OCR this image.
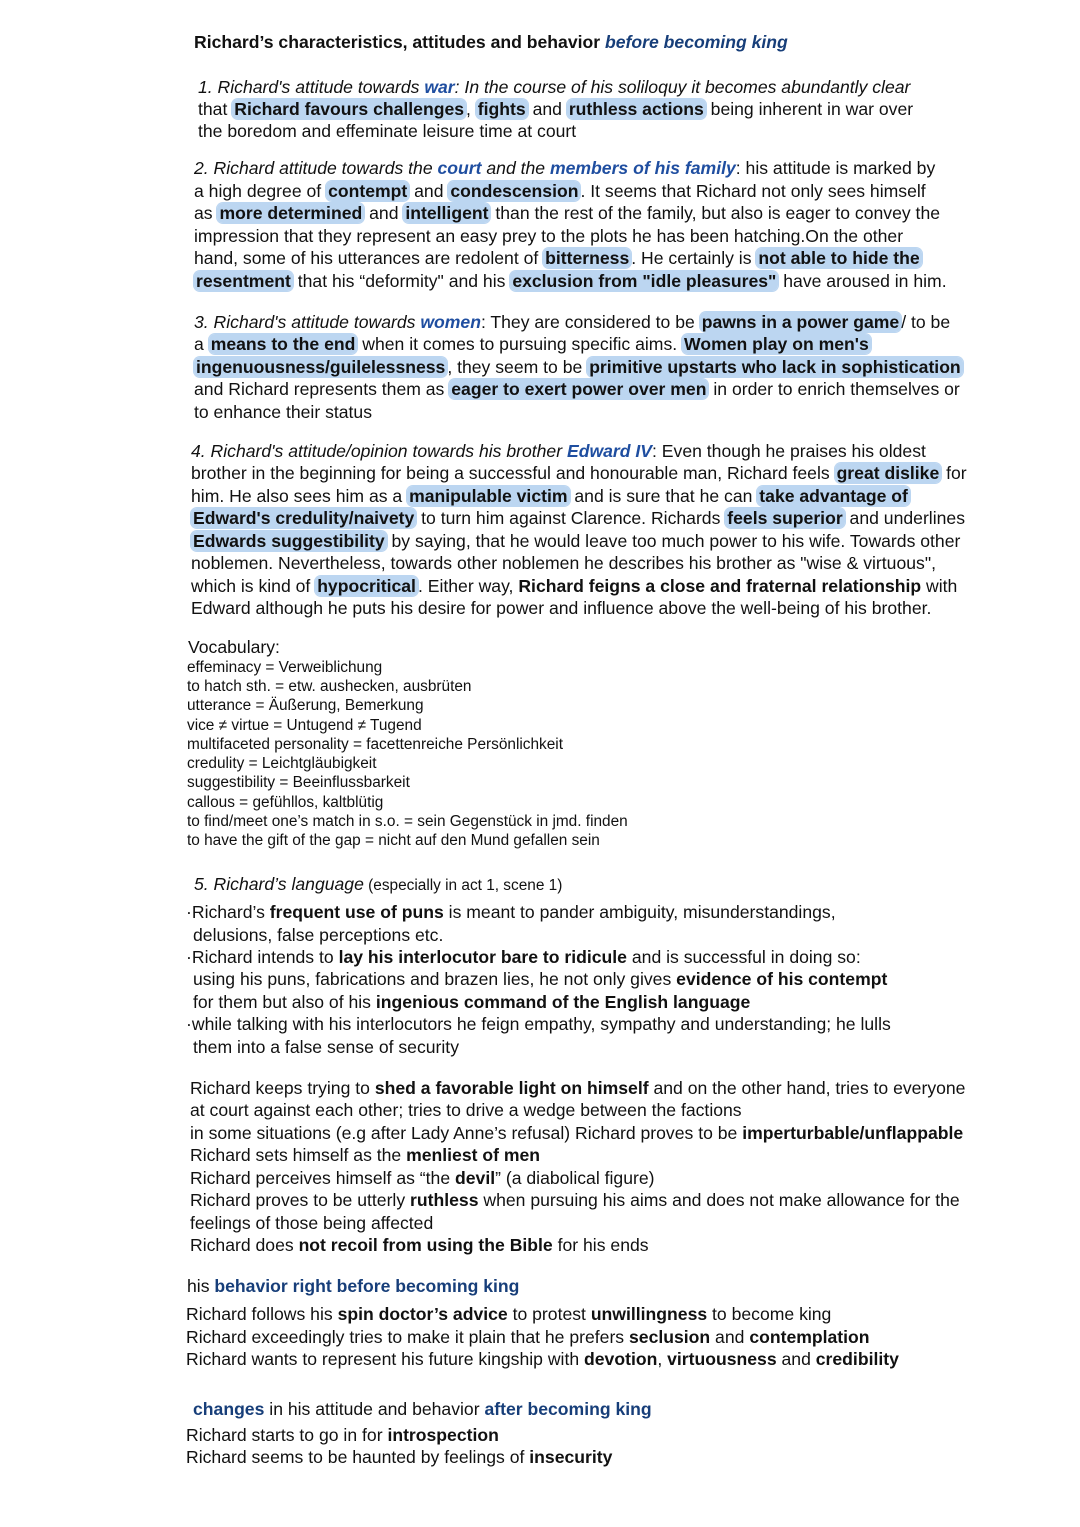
Richard’s characteristics, attitudes and behavior before becoming king
1. Richard's attitude towards war: In the course of his soliloquy it becomes abundantly clear
that Richard favours challenges , fights and ruthless actions being inherent in war over
the boredom and effeminate leisure time at court
2. Richard attitude towards the court and the members of his family: his attitude is marked by
a high degree of contempt and condescension . It seems that Richard not only sees himself
as more determined and intelligent than the rest of the family, but also is eager to convey the
impression that they represent an easy prey to the plots he has been hatching.On the other
hand, some of his utterances are redolent of bitterness . He certainly is not able to hide the
resentment that his “deformity" and his exclusion from "idle pleasures" have aroused in him.
3. Richard's attitude towards women: They are considered to be pawns in a power game / to be
a means to the end when it comes to pursuing specific aims. Women play on men's
ingenuousness/guilelessness , they seem to be primitive upstarts who lack in sophistication
and Richard represents them as eager to exert power over men in order to enrich themselves or
to enhance their status
4. Richard's attitude/opinion towards his brother Edward IV: Even though he praises his oldest
brother in the beginning for being a successful and honourable man, Richard feels great dislike for
him. He also sees him as a manipulable victim and is sure that he can take advantage of
Edward's credulity/naivety to turn him against Clarence. Richards feels superior and underlines
Edwards suggestibility by saying, that he would leave too much power to his wife. Towards other
noblemen. Nevertheless, towards other noblemen he describes his brother as "wise & virtuous",
which is kind of hypocritical . Either way, Richard feigns a close and fraternal relationship with
Edward although he puts his desire for power and influence above the well-being of his brother.
Vocabulary:
effeminacy = Verweiblichung
to hatch sth. = etw. aushecken, ausbrüten
utterance = Äußerung, Bemerkung
vice ≠ virtue = Untugend ≠ Tugend
multifaceted personality = facettenreiche Persönlichkeit
credulity = Leichtgläubigkeit
suggestibility = Beeinflussbarkeit
callous = gefühllos, kaltblütig
to find/meet one’s match in s.o. = sein Gegenstück in jmd. finden
to have the gift of the gap = nicht auf den Mund gefallen sein
5. Richard’s language (especially in act 1, scene 1)
·Richard’s frequent use of puns is meant to pander ambiguity, misunderstandings,
delusions, false perceptions etc.
·Richard intends to lay his interlocutor bare to ridicule and is successful in doing so:
using his puns, fabrications and brazen lies, he not only gives evidence of his contempt
for them but also of his ingenious command of the English language
·while talking with his interlocutors he feign empathy, sympathy and understanding; he lulls
them into a false sense of security
Richard keeps trying to shed a favorable light on himself and on the other hand, tries to everyone
at court against each other; tries to drive a wedge between the factions
in some situations (e.g after Lady Anne’s refusal) Richard proves to be imperturbable/unflappable
Richard sets himself as the menliest of men
Richard perceives himself as “the devil” (a diabolical figure)
Richard proves to be utterly ruthless when pursuing his aims and does not make allowance for the
feelings of those being affected
Richard does not recoil from using the Bible for his ends
his behavior right before becoming king
Richard follows his spin doctor’s advice to protest unwillingness to become king
Richard exceedingly tries to make it plain that he prefers seclusion and contemplation
Richard wants to represent his future kingship with devotion, virtuousness and credibility
changes in his attitude and behavior after becoming king
Richard starts to go in for introspection
Richard seems to be haunted by feelings of insecurity
